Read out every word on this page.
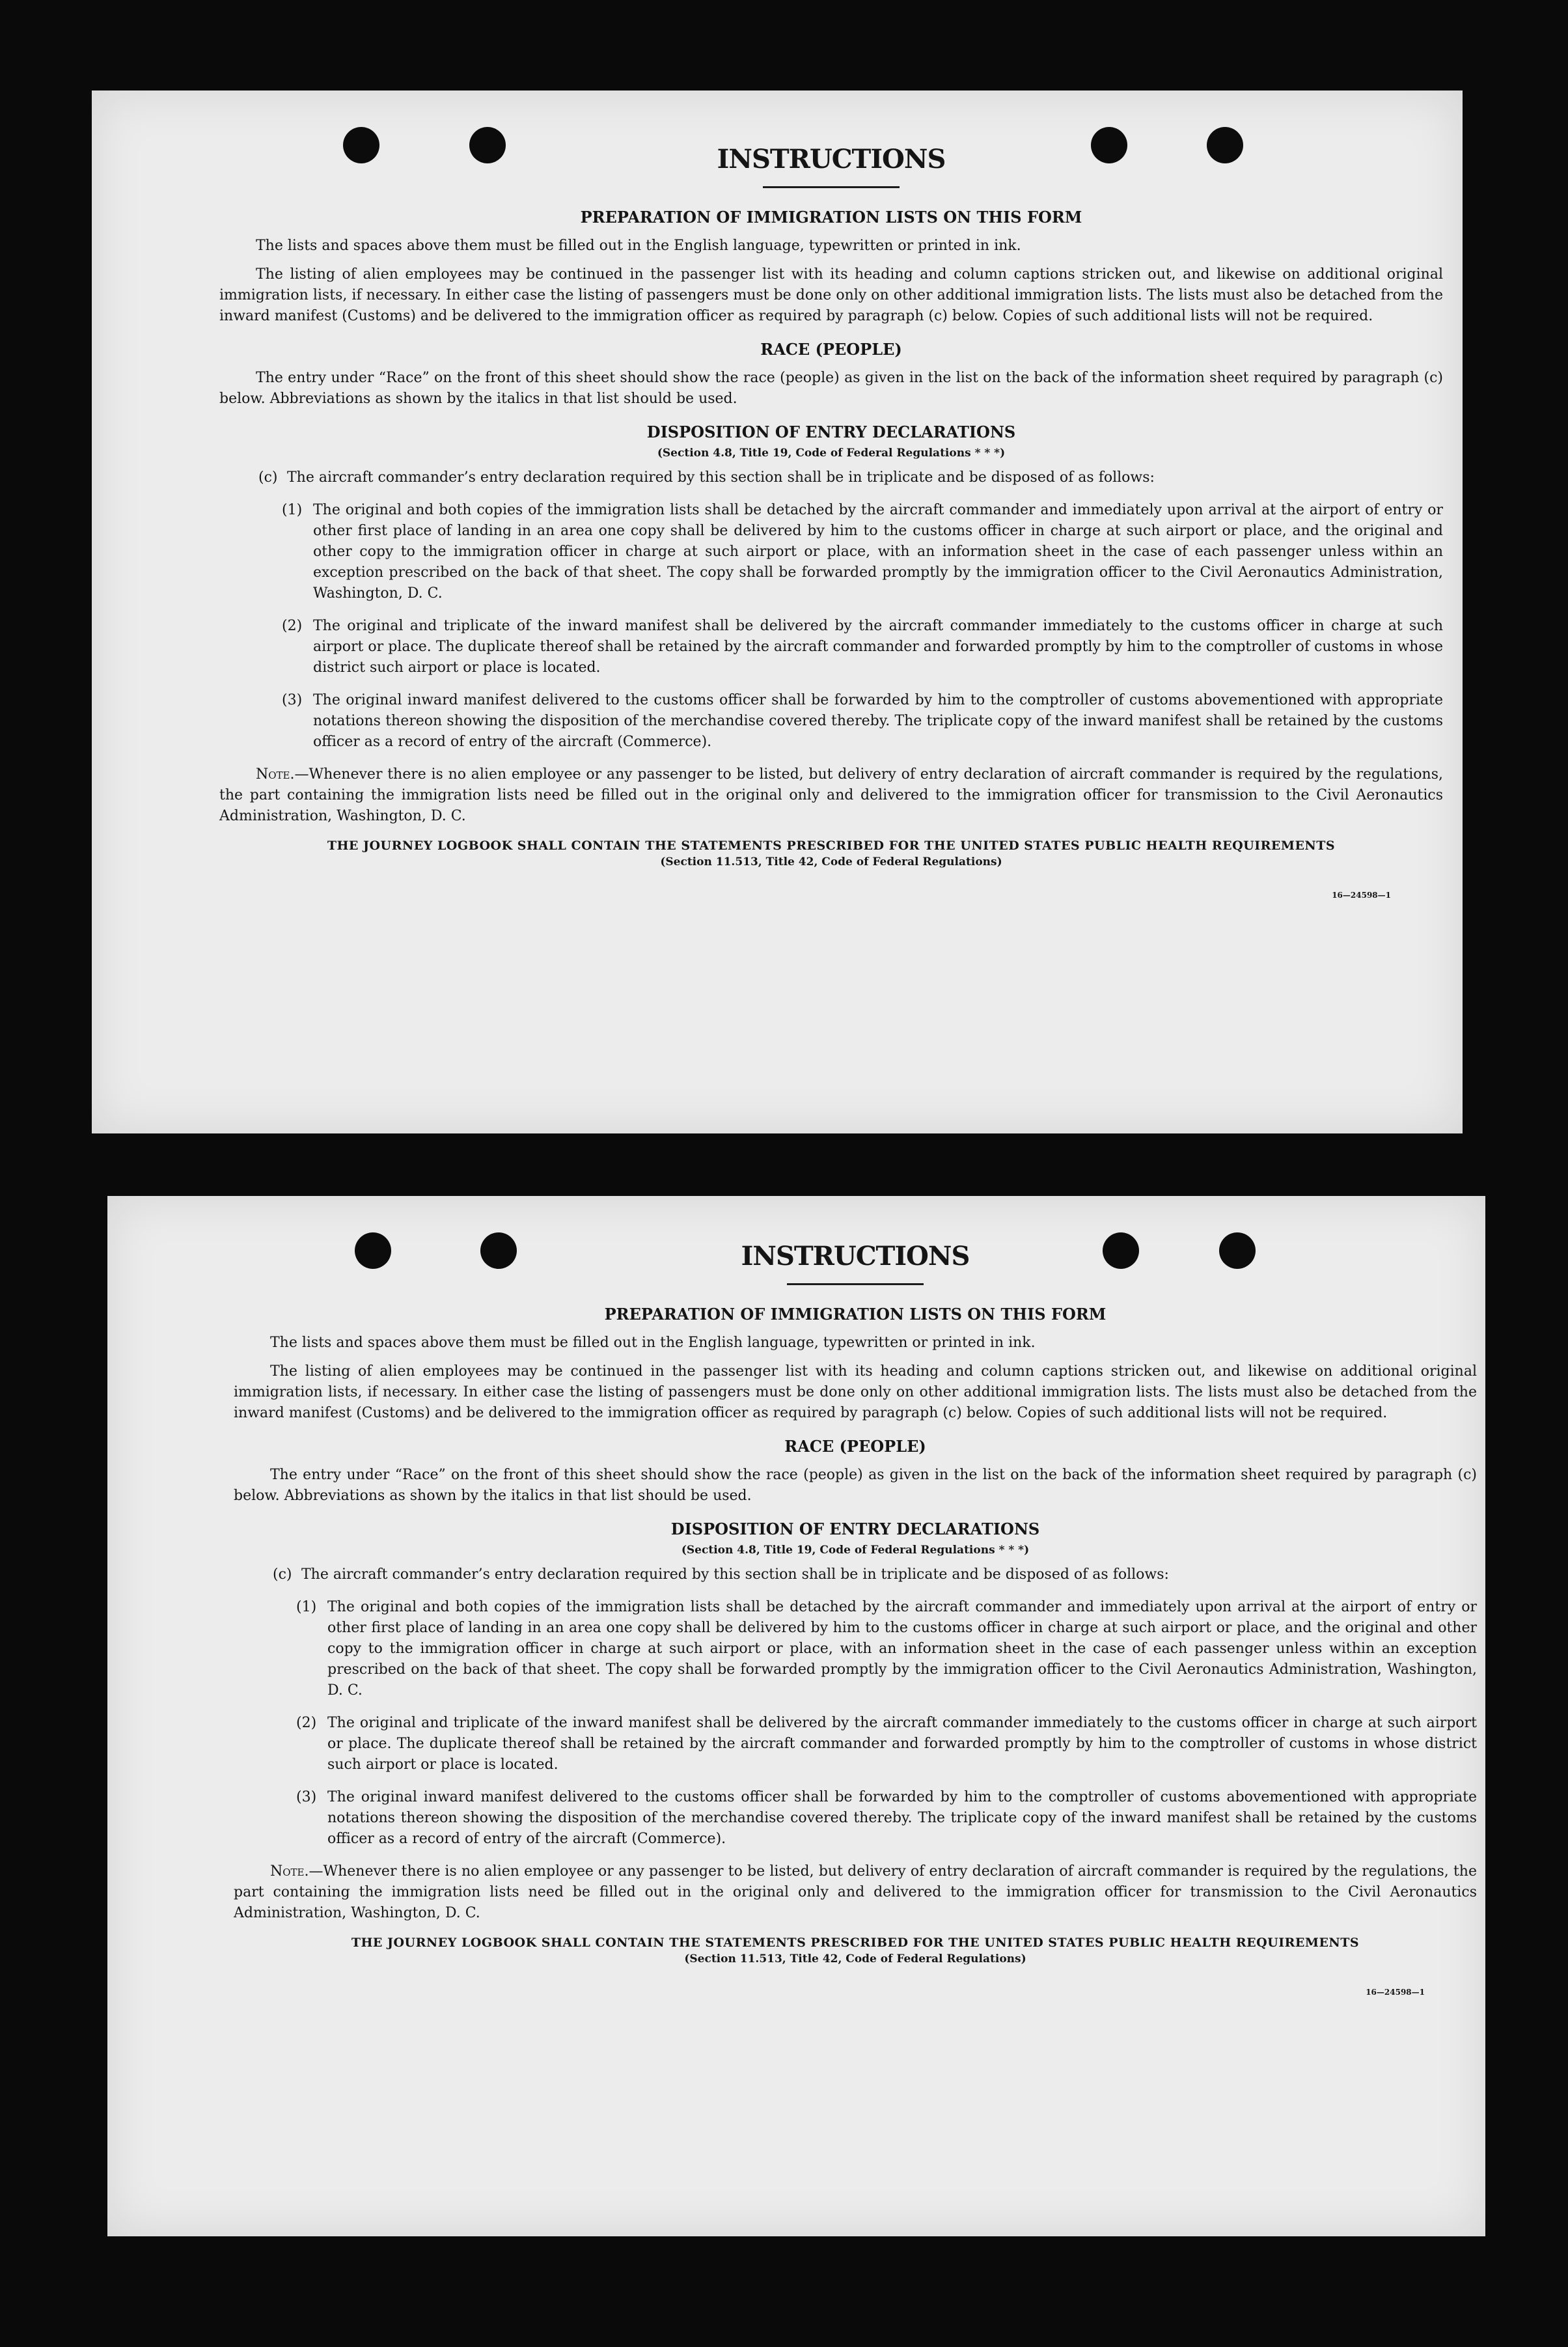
INSTRUCTIONS
PREPARATION OF IMMIGRATION LISTS ON THIS FORM

The lists and spaces above them must be filled out in the English language, typewritten or printed in ink.

The listing of alien employees may be continued in the passenger list with its heading and column captions stricken out, and likewise on additional original immigration lists, if necessary. In either case the listing of passengers must be done only on other additional immigration lists. The lists must also be detached from the inward manifest (Customs) and be delivered to the immigration officer as required by paragraph (c) below. Copies of such additional lists will not be required.

RACE (PEOPLE)

The entry under “Race” on the front of this sheet should show the race (people) as given in the list on the back of the information sheet required by paragraph (c) below. Abbreviations as shown by the italics in that list should be used.

DISPOSITION OF ENTRY DECLARATIONS
(Section 4.8, Title 19, Code of Federal Regulations * * *)
(c) The aircraft commander’s entry declaration required by this section shall be in triplicate and be disposed of as follows:
(1) The original and both copies of the immigration lists shall be detached by the aircraft commander and immediately upon arrival at the airport of entry or other first place of landing in an area one copy shall be delivered by him to the customs officer in charge at such airport or place, and the original and other copy to the immigration officer in charge at such airport or place, with an information sheet in the case of each passenger unless within an exception prescribed on the back of that sheet. The copy shall be forwarded promptly by the immigration officer to the Civil Aeronautics Administration, Washington, D. C.
(2) The original and triplicate of the inward manifest shall be delivered by the aircraft commander immediately to the customs officer in charge at such airport or place. The duplicate thereof shall be retained by the aircraft commander and forwarded promptly by him to the comptroller of customs in whose district such airport or place is located.
(3) The original inward manifest delivered to the customs officer shall be forwarded by him to the comptroller of customs abovementioned with appropriate notations thereon showing the disposition of the merchandise covered thereby. The triplicate copy of the inward manifest shall be retained by the customs officer as a record of entry of the aircraft (Commerce).

Note.—Whenever there is no alien employee or any passenger to be listed, but delivery of entry declaration of aircraft commander is required by the regulations, the part containing the immigration lists need be filled out in the original only and delivered to the immigration officer for transmission to the Civil Aeronautics Administration, Washington, D. C.

THE JOURNEY LOGBOOK SHALL CONTAIN THE STATEMENTS PRESCRIBED FOR THE UNITED STATES PUBLIC HEALTH REQUIREMENTS
(Section 11.513, Title 42, Code of Federal Regulations)
16—24598—1
INSTRUCTIONS
PREPARATION OF IMMIGRATION LISTS ON THIS FORM

The lists and spaces above them must be filled out in the English language, typewritten or printed in ink.

The listing of alien employees may be continued in the passenger list with its heading and column captions stricken out, and likewise on additional original immigration lists, if necessary. In either case the listing of passengers must be done only on other additional immigration lists. The lists must also be detached from the inward manifest (Customs) and be delivered to the immigration officer as required by paragraph (c) below. Copies of such additional lists will not be required.

RACE (PEOPLE)

The entry under “Race” on the front of this sheet should show the race (people) as given in the list on the back of the information sheet required by paragraph (c) below. Abbreviations as shown by the italics in that list should be used.

DISPOSITION OF ENTRY DECLARATIONS
(Section 4.8, Title 19, Code of Federal Regulations * * *)
(c) The aircraft commander’s entry declaration required by this section shall be in triplicate and be disposed of as follows:
(1) The original and both copies of the immigration lists shall be detached by the aircraft commander and immediately upon arrival at the airport of entry or other first place of landing in an area one copy shall be delivered by him to the customs officer in charge at such airport or place, and the original and other copy to the immigration officer in charge at such airport or place, with an information sheet in the case of each passenger unless within an exception prescribed on the back of that sheet. The copy shall be forwarded promptly by the immigration officer to the Civil Aeronautics Administration, Washington, D. C.
(2) The original and triplicate of the inward manifest shall be delivered by the aircraft commander immediately to the customs officer in charge at such airport or place. The duplicate thereof shall be retained by the aircraft commander and forwarded promptly by him to the comptroller of customs in whose district such airport or place is located.
(3) The original inward manifest delivered to the customs officer shall be forwarded by him to the comptroller of customs abovementioned with appropriate notations thereon showing the disposition of the merchandise covered thereby. The triplicate copy of the inward manifest shall be retained by the customs officer as a record of entry of the aircraft (Commerce).

Note.—Whenever there is no alien employee or any passenger to be listed, but delivery of entry declaration of aircraft commander is required by the regulations, the part containing the immigration lists need be filled out in the original only and delivered to the immigration officer for transmission to the Civil Aeronautics Administration, Washington, D. C.

THE JOURNEY LOGBOOK SHALL CONTAIN THE STATEMENTS PRESCRIBED FOR THE UNITED STATES PUBLIC HEALTH REQUIREMENTS
(Section 11.513, Title 42, Code of Federal Regulations)
16—24598—1
